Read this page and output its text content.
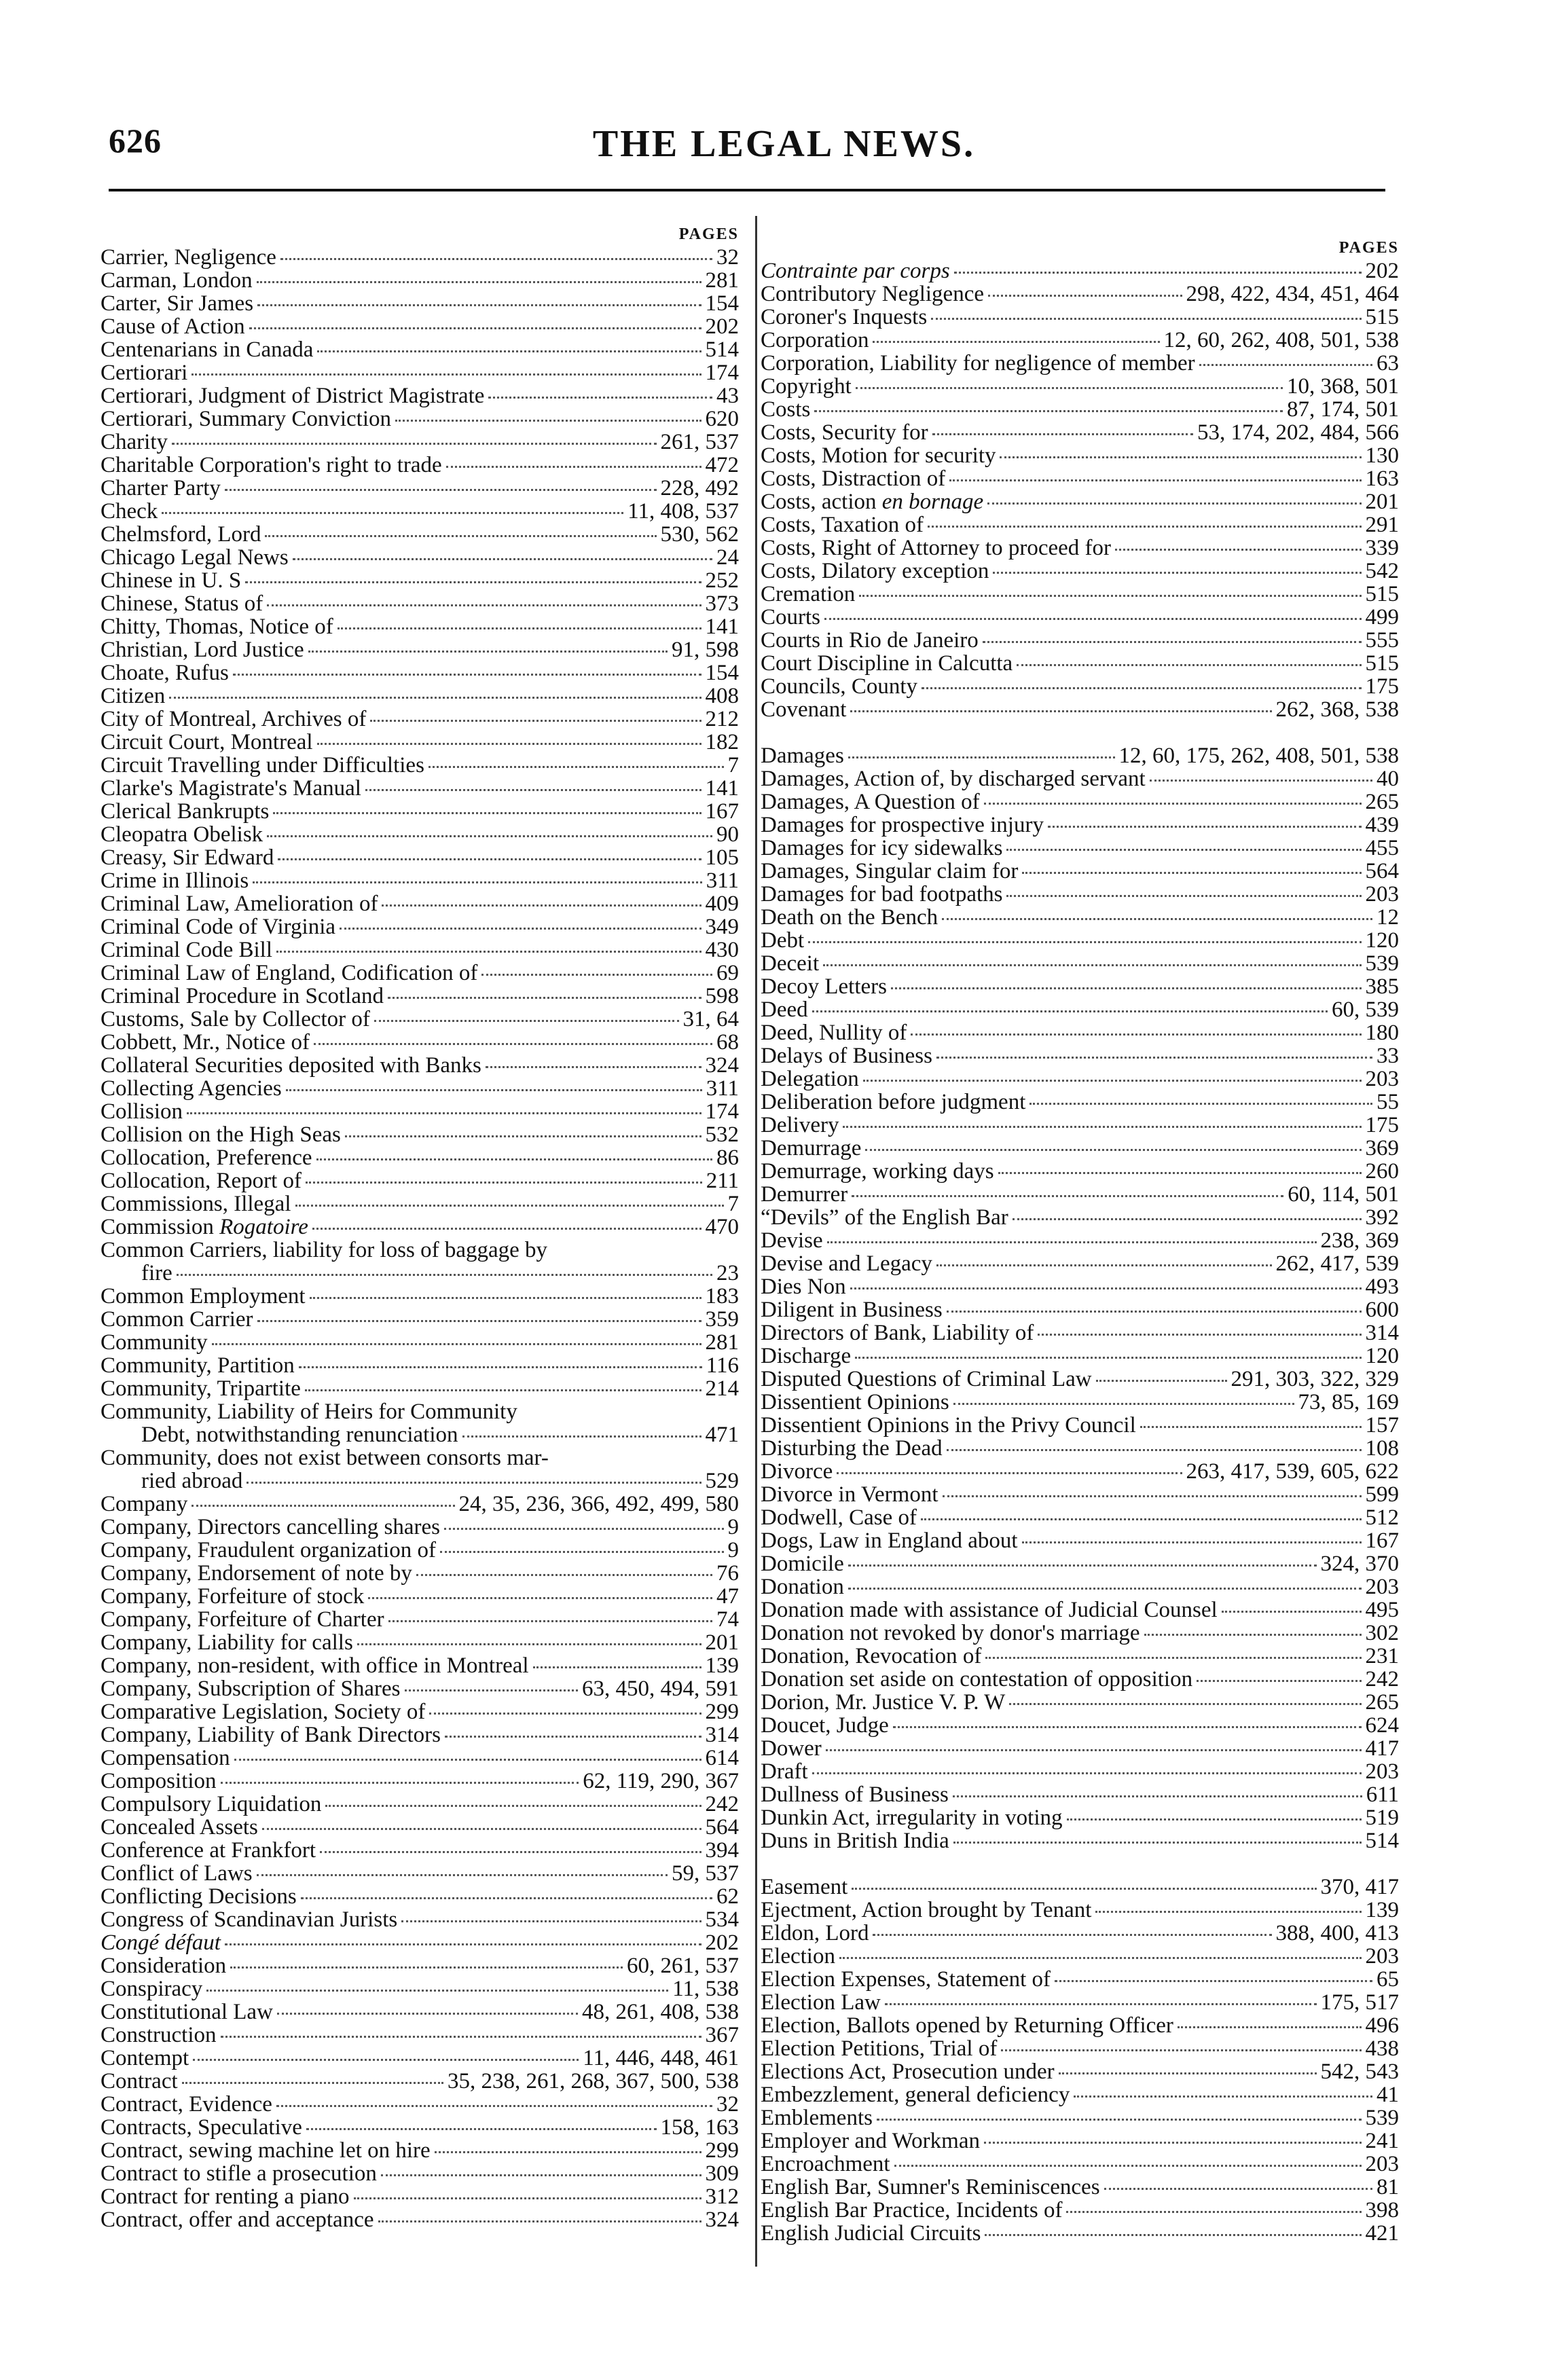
626	THE LEGAL NEWS.
PAGES
Carrier, Negligence	32
Carman, London	281
Carter, Sir James	154
Cause of Action	202
Centenarians in Canada	514
Certiorari	174
Certiorari, Judgment of District Magistrate	43
Certiorari, Summary Conviction	620
Charity	261, 537
Charitable Corporation's right to trade	472
Charter Party	228, 492
Check	11, 408, 537
Chelmsford, Lord	530, 562
Chicago Legal News	24
Chinese in U. S	252
Chinese, Status of	373
Chitty, Thomas, Notice of	141
Christian, Lord Justice	91, 598
Choate, Rufus	154
Citizen	408
City of Montreal, Archives of	212
Circuit Court, Montreal	182
Circuit Travelling under Difficulties	7
Clarke's Magistrate's Manual	141
Clerical Bankrupts	167
Cleopatra Obelisk	90
Creasy, Sir Edward	105
Crime in Illinois	311
Criminal Law, Amelioration of	409
Criminal Code of Virginia	349
Criminal Code Bill	430
Criminal Law of England, Codification of	69
Criminal Procedure in Scotland	598
Customs, Sale by Collector of	31, 64
Cobbett, Mr., Notice of	68
Collateral Securities deposited with Banks	324
Collecting Agencies	311
Collision	174
Collision on the High Seas	532
Collocation, Preference	86
Collocation, Report of	211
Commissions, Illegal	7
Commission Rogatoire	470
Common Carriers, liability for loss of baggage by
fire	23
Common Employment	183
Common Carrier	359
Community	281
Community, Partition	116
Community, Tripartite	214
Community, Liability of Heirs for Community
Debt, notwithstanding renunciation	471
Community, does not exist between consorts mar-
ried abroad	529
Company	24, 35, 236, 366, 492, 499, 580
Company, Directors cancelling shares	9
Company, Fraudulent organization of	9
Company, Endorsement of note by	76
Company, Forfeiture of stock	47
Company, Forfeiture of Charter	74
Company, Liability for calls	201
Company, non-resident, with office in Montreal	139
Company, Subscription of Shares	63, 450, 494, 591
Comparative Legislation, Society of	299
Company, Liability of Bank Directors	314
Compensation	614
Composition	62, 119, 290, 367
Compulsory Liquidation	242
Concealed Assets	564
Conference at Frankfort	394
Conflict of Laws	59, 537
Conflicting Decisions	62
Congress of Scandinavian Jurists	534
Congé défaut	202
Consideration	60, 261, 537
Conspiracy	11, 538
Constitutional Law	48, 261, 408, 538
Construction	367
Contempt	11, 446, 448, 461
Contract	35, 238, 261, 268, 367, 500, 538
Contract, Evidence	32
Contracts, Speculative	158, 163
Contract, sewing machine let on hire	299
Contract to stifle a prosecution	309
Contract for renting a piano	312
Contract, offer and acceptance	324
PAGES
Contrainte par corps	202
Contributory Negligence	298, 422, 434, 451, 464
Coroner's Inquests	515
Corporation	12, 60, 262, 408, 501, 538
Corporation, Liability for negligence of member	63
Copyright	10, 368, 501
Costs	87, 174, 501
Costs, Security for	53, 174, 202, 484, 566
Costs, Motion for security	130
Costs, Distraction of	163
Costs, action en bornage	201
Costs, Taxation of	291
Costs, Right of Attorney to proceed for	339
Costs, Dilatory exception	542
Cremation	515
Courts	499
Courts in Rio de Janeiro	555
Court Discipline in Calcutta	515
Councils, County	175
Covenant	262, 368, 538
Damages	12, 60, 175, 262, 408, 501, 538
Damages, Action of, by discharged servant	40
Damages, A Question of	265
Damages for prospective injury	439
Damages for icy sidewalks	455
Damages, Singular claim for	564
Damages for bad footpaths	203
Death on the Bench	12
Debt	120
Deceit	539
Decoy Letters	385
Deed	60, 539
Deed, Nullity of	180
Delays of Business	33
Delegation	203
Deliberation before judgment	55
Delivery	175
Demurrage	369
Demurrage, working days	260
Demurrer	60, 114, 501
“Devils” of the English Bar	392
Devise	238, 369
Devise and Legacy	262, 417, 539
Dies Non	493
Diligent in Business	600
Directors of Bank, Liability of	314
Discharge	120
Disputed Questions of Criminal Law	291, 303, 322, 329
Dissentient Opinions	73, 85, 169
Dissentient Opinions in the Privy Council	157
Disturbing the Dead	108
Divorce	263, 417, 539, 605, 622
Divorce in Vermont	599
Dodwell, Case of	512
Dogs, Law in England about	167
Domicile	324, 370
Donation	203
Donation made with assistance of Judicial Counsel	495
Donation not revoked by donor's marriage	302
Donation, Revocation of	231
Donation set aside on contestation of opposition	242
Dorion, Mr. Justice V. P. W	265
Doucet, Judge	624
Dower	417
Draft	203
Dullness of Business	611
Dunkin Act, irregularity in voting	519
Duns in British India	514
Easement	370, 417
Ejectment, Action brought by Tenant	139
Eldon, Lord	388, 400, 413
Election	203
Election Expenses, Statement of	65
Election Law	175, 517
Election, Ballots opened by Returning Officer	496
Election Petitions, Trial of	438
Elections Act, Prosecution under	542, 543
Embezzlement, general deficiency	41
Emblements	539
Employer and Workman	241
Encroachment	203
English Bar, Sumner's Reminiscences	81
English Bar Practice, Incidents of	398
English Judicial Circuits	421
